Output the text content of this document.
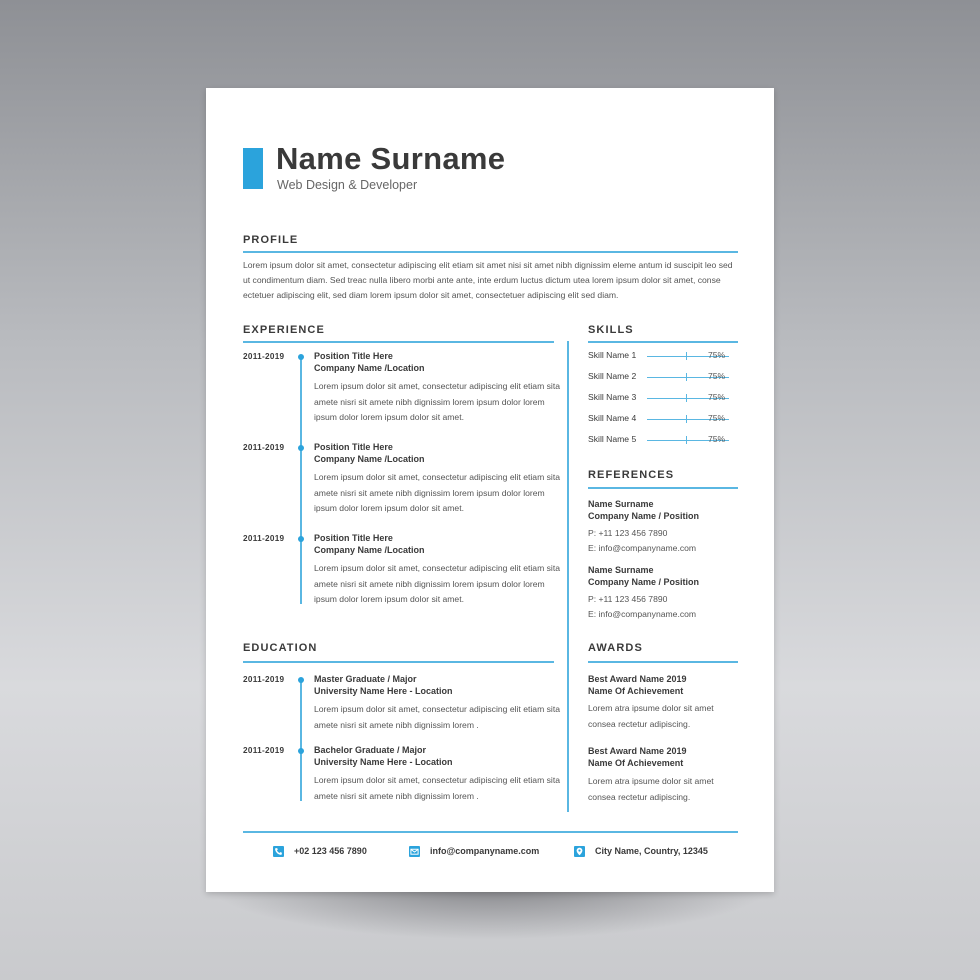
Name Surname
Web Design & Developer
PROFILE
Lorem ipsum dolor sit amet, consectetur adipiscing elit etiam sit amet nisi sit amet nibh dignissim eleme antum id suscipit leo sed ut condimentum diam. Sed treac nulla libero morbi ante ante, inte erdum luctus dictum utea lorem ipsum dolor sit amet, conse ectetuer adipiscing elit, sed diam lorem ipsum dolor sit amet, consectetuer adipiscing elit sed diam.
EXPERIENCE
2011-2019	Position Title Here
Company Name /Location
Lorem ipsum dolor sit amet, consectetur adipiscing elit etiam sita amete nisri sit amete nibh dignissim lorem ipsum dolor lorem ipsum dolor lorem ipsum dolor sit amet.
2011-2019	Position Title Here
Company Name /Location
Lorem ipsum dolor sit amet, consectetur adipiscing elit etiam sita amete nisri sit amete nibh dignissim lorem ipsum dolor lorem ipsum dolor lorem ipsum dolor sit amet.
2011-2019	Position Title Here
Company Name /Location
Lorem ipsum dolor sit amet, consectetur adipiscing elit etiam sita amete nisri sit amete nibh dignissim lorem ipsum dolor lorem ipsum dolor lorem ipsum dolor sit amet.
EDUCATION
2011-2019	Master Graduate / Major
University Name Here - Location
Lorem ipsum dolor sit amet, consectetur adipiscing elit etiam sita amete nisri sit amete nibh dignissim lorem .
2011-2019	Bachelor Graduate / Major
University Name Here - Location
Lorem ipsum dolor sit amet, consectetur adipiscing elit etiam sita amete nisri sit amete nibh dignissim lorem .
SKILLS
Skill Name 1	75%
Skill Name 2	75%
Skill Name 3	75%
Skill Name 4	75%
Skill Name 5	75%
REFERENCES
Name Surname
Company Name / Position
P: +11 123 456 7890
E: info@companyname.com
Name Surname
Company Name / Position
P: +11 123 456 7890
E: info@companyname.com
AWARDS
Best Award Name 2019
Name Of Achievement
Lorem atra ipsume dolor sit amet consea rectetur adipiscing.
Best Award Name 2019
Name Of Achievement
Lorem atra ipsume dolor sit amet consea rectetur adipiscing.
+02 123 456 7890	info@companyname.com	City Name, Country, 12345
